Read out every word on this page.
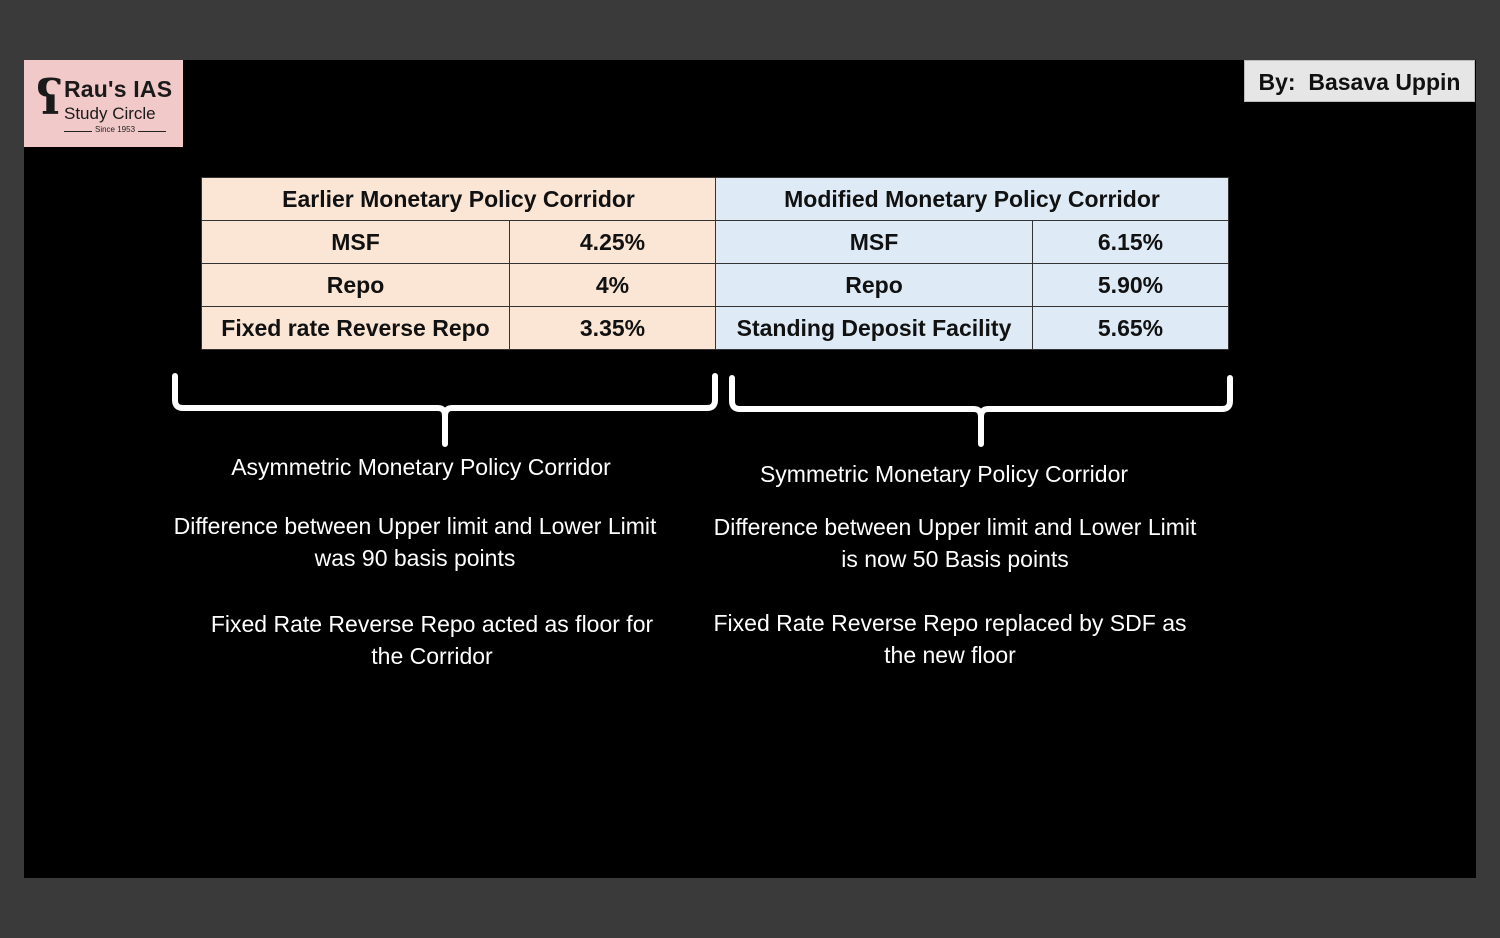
ʕ Rau's IAS
Study Circle
Since 1953
By:  Basava Uppin
Earlier Monetary Policy Corridor		Modified Monetary Policy Corridor	
MSF	4.25%	MSF	6.15%
Repo	4%	Repo	5.90%
Fixed rate Reverse Repo	3.35%	Standing Deposit Facility	5.65%
Asymmetric Monetary Policy Corridor
Difference between Upper limit and Lower Limit was 90 basis points
Fixed Rate Reverse Repo acted as floor for the Corridor
Symmetric Monetary Policy Corridor
Difference between Upper limit and Lower Limit is now 50 Basis points
Fixed Rate Reverse Repo replaced by SDF as the new floor
